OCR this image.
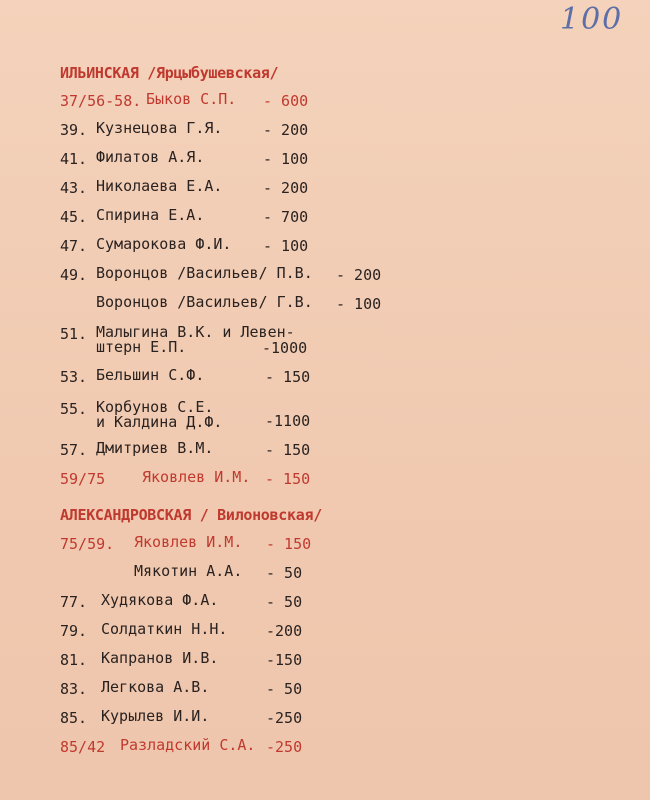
100
ИЛЬИНСКАЯ /Ярцыбушевская/
37/56-58. Быков С.П. - 600
39. Кузнецова Г.Я.	- 200
41. Филатов А.Я.	- 100
43. Николаева Е.А.	- 200
45. Спирина Е.А.	- 700
47. Сумарокова Ф.И. - 100
49. Воронцов /Васильев/ П.В. - 200
Воронцов /Васильев/ Г.В. - 100
51. Малыгина В.К. и Левен-
штерн Е.П.	-1000
53. Бельшин С.Ф.	- 150
55. Корбунов С.Е.
и Калдина Д.Ф.	-1100
57. Дмитриев В.М.	- 150
59/75 Яковлев И.М. - 150
АЛЕКСАНДРОВСКАЯ / Вилоновская/
75/59. Яковлев И.М. - 150
Мякотин А.А. - 50
77. Худякова Ф.А.	- 50
79. Солдаткин Н.Н.	-200
81. Капранов И.В.	-150
83. Легкова А.В.	- 50
85. Курылев И.И.	-250
85/42 Разладский С.А. -250
